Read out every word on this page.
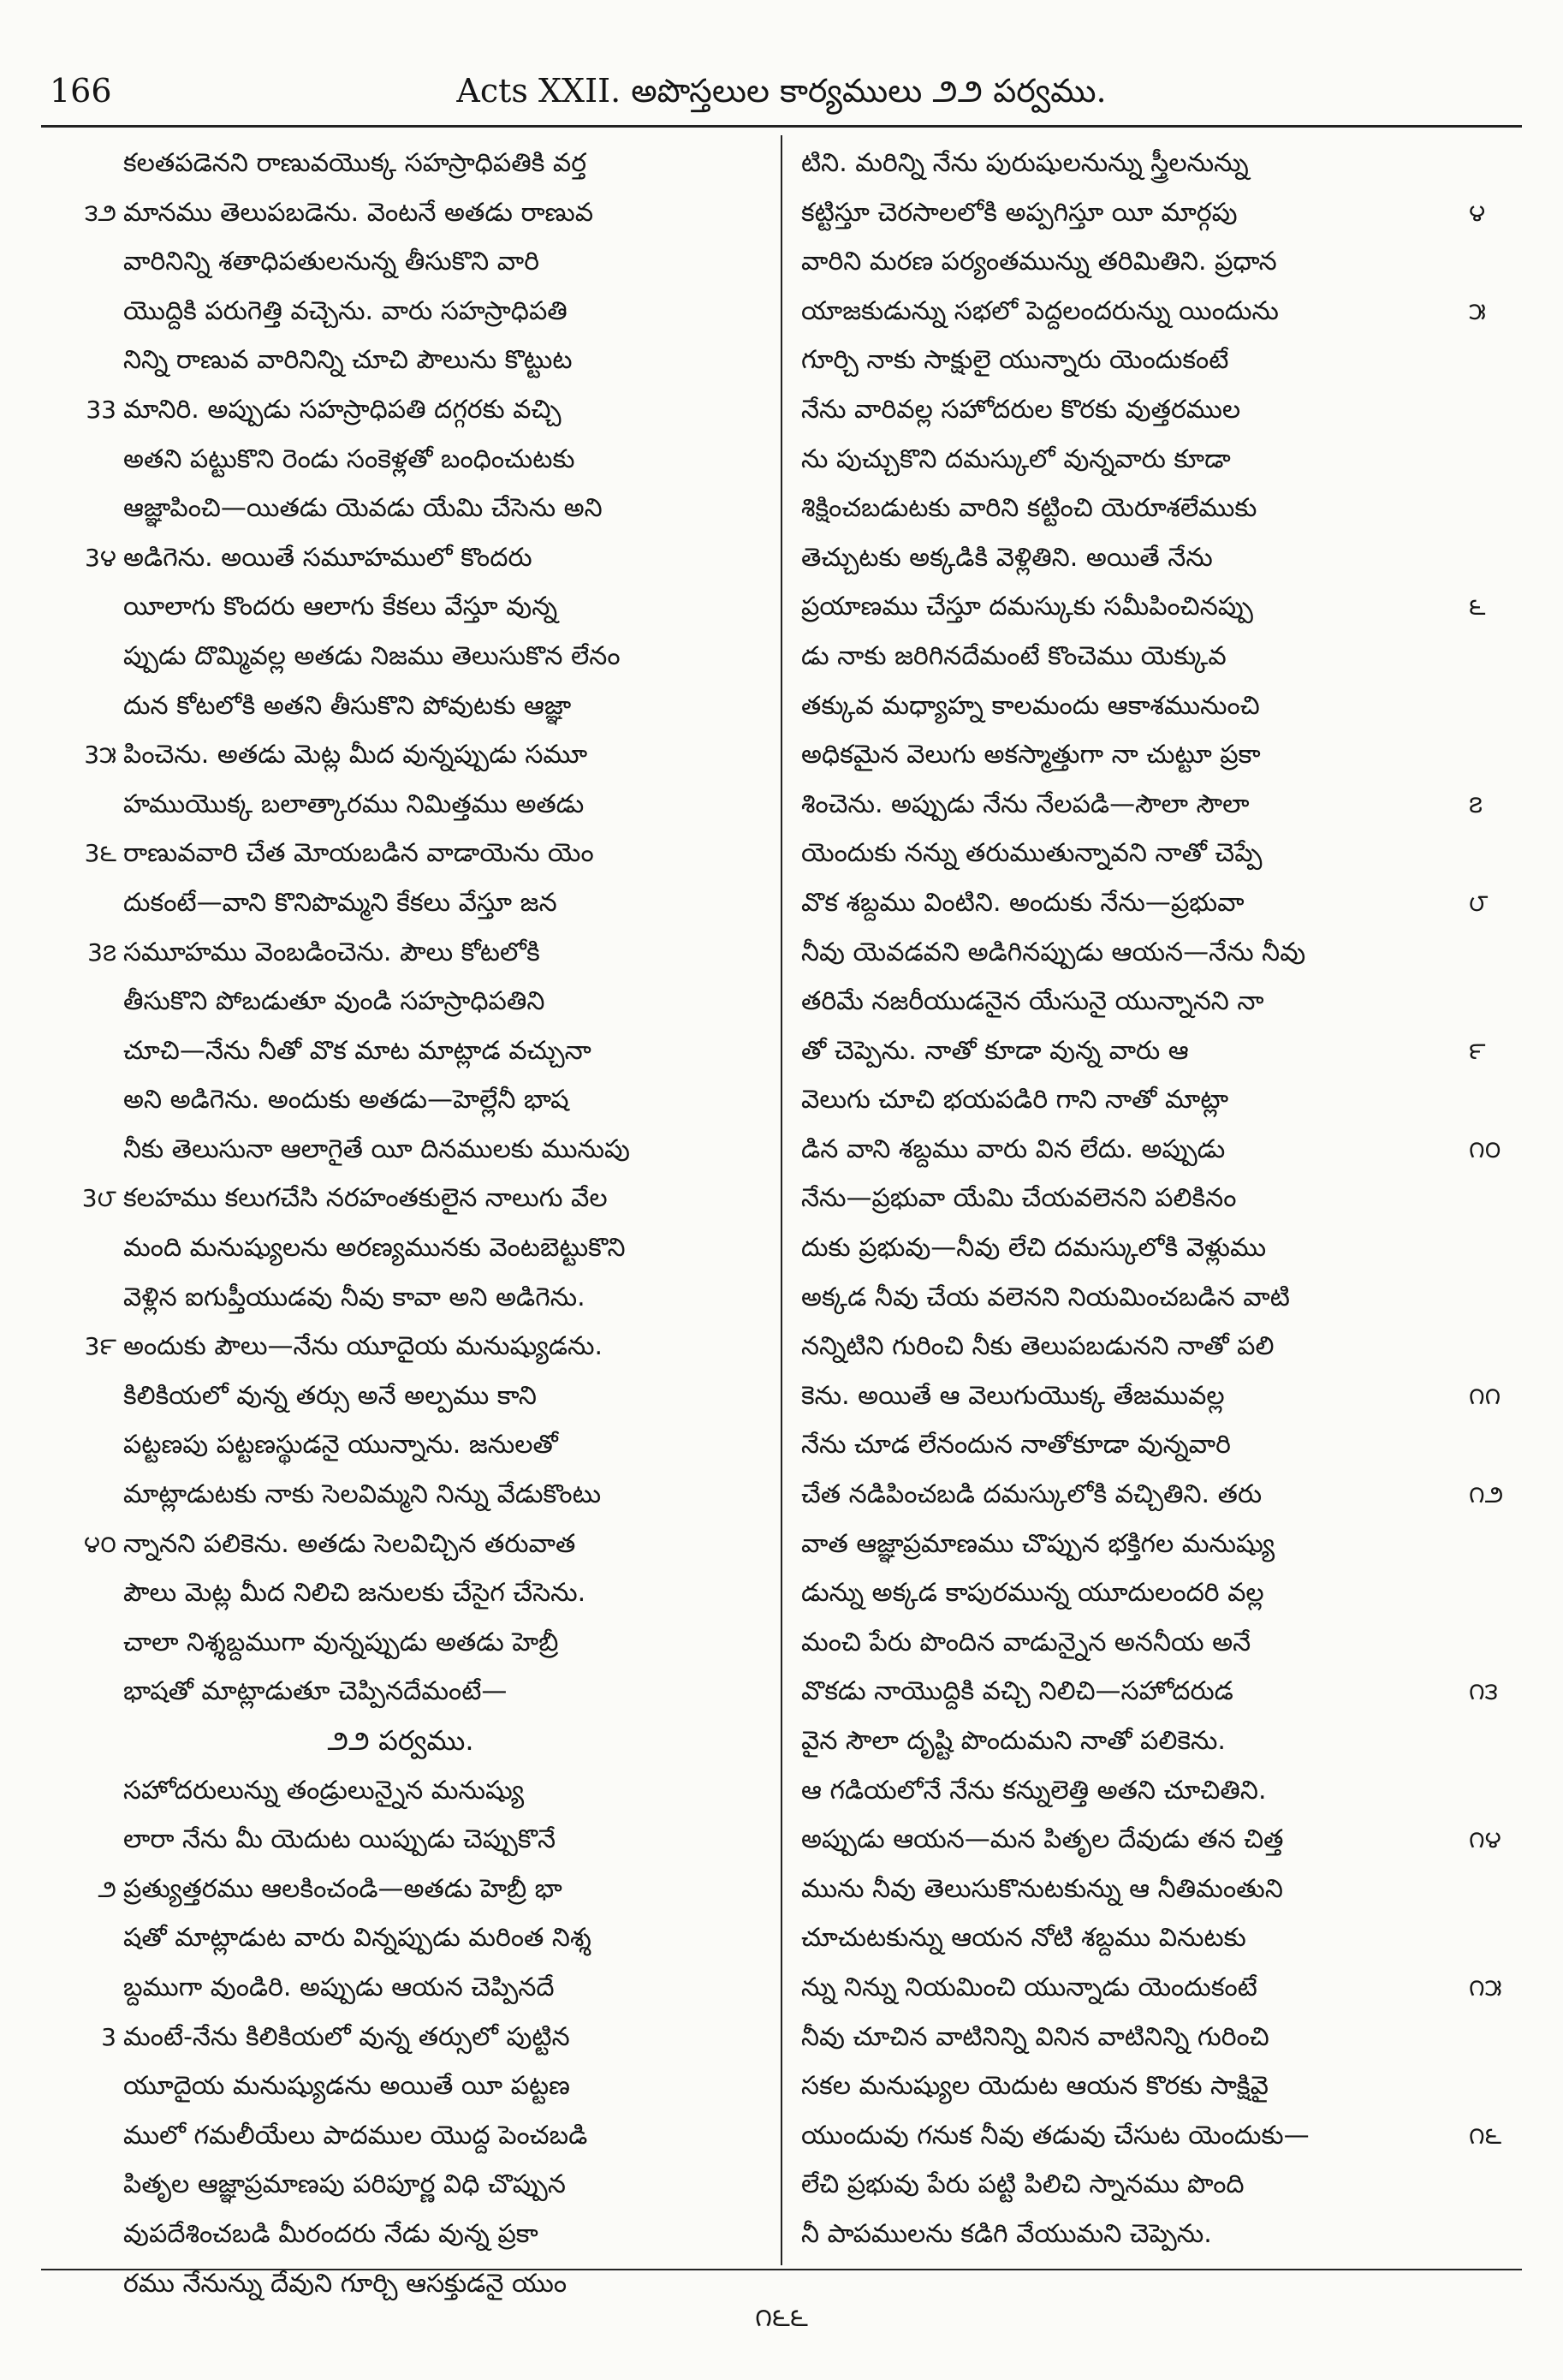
166	Acts XXII. అపొస్తలుల కార్యములు ౨౨ పర్వము.
కలతపడెనని రాణువయొక్క సహస్రాధిపతికి వర్త
౩౨ మానము తెలుపబడెను. వెంటనే అతడు రాణువ
వారినిన్ని శతాధిపతులనున్న తీసుకొని వారి
యొద్దికి పరుగెత్తి వచ్చెను. వారు సహస్రాధిపతి
నిన్ని రాణువ వారినిన్ని చూచి పౌలును కొట్టుట
33 మానిరి. అప్పుడు సహస్రాధిపతి దగ్గరకు వచ్చి
అతని పట్టుకొని రెండు సంకెళ్లతో బంధించుటకు
ఆజ్ఞాపించి—యితడు యెవడు యేమి చేసెను అని
3౪ అడిగెను. అయితే సమూహములో కొందరు
యీలాగు కొందరు ఆలాగు కేకలు వేస్తూ వున్న
ప్పుడు దొమ్మివల్ల అతడు నిజము తెలుసుకొన లేనం
దున కోటలోకి అతని తీసుకొని పోవుటకు ఆజ్ఞా
3౫ పించెను. అతడు మెట్ల మీద వున్నప్పుడు సమూ
హముయొక్క బలాత్కారము నిమిత్తము అతడు
3౬ రాణువవారి చేత మోయబడిన వాడాయెను యెం
దుకంటే—వాని కొనిపొమ్మని కేకలు వేస్తూ జన
3౭ సమూహము వెంబడించెను. పౌలు కోటలోకి
తీసుకొని పోబడుతూ వుండి సహస్రాధిపతిని
చూచి—నేను నీతో వొక మాట మాట్లాడ వచ్చునా
అని అడిగెను. అందుకు అతడు—హెల్లేనీ భాష
నీకు తెలుసునా ఆలాగైతే యీ దినములకు మునుపు
3౮ కలహము కలుగచేసి నరహంతకులైన నాలుగు వేల
మంది మనుష్యులను అరణ్యమునకు వెంటబెట్టుకొని
వెళ్లిన ఐగుప్తీయుడవు నీవు కావా అని అడిగెను.
3౯ అందుకు పౌలు—నేను యూదైయ మనుష్యుడను.
కిలికియలో వున్న తర్సు అనే అల్పము కాని
పట్టణపు పట్టణస్థుడనై యున్నాను. జనులతో
మాట్లాడుటకు నాకు సెలవిమ్మని నిన్ను వేడుకొంటు
౪౦ న్నానని పలికెను. అతడు సెలవిచ్చిన తరువాత
పౌలు మెట్ల మీద నిలిచి జనులకు చేసైగ చేసెను.
చాలా నిశ్శబ్దముగా వున్నప్పుడు అతడు హెబ్రీ
భాషతో మాట్లాడుతూ చెప్పినదేమంటే—
౨౨ పర్వము.
సహోదరులున్ను తండ్రులున్నైన మనుష్యు
లారా నేను మీ యెదుట యిప్పుడు చెప్పుకొనే
౨ ప్రత్యుత్తరము ఆలకించండి—అతడు హెబ్రీ భా
షతో మాట్లాడుట వారు విన్నప్పుడు మరింత నిశ్శ
బ్దముగా వుండిరి. అప్పుడు ఆయన చెప్పినదే
3 మంటే-నేను కిలికియలో వున్న తర్సులో పుట్టిన
యూదైయ మనుష్యుడను అయితే యీ పట్టణ
ములో గమలీయేలు పాదముల యొద్ద పెంచబడి
పితృల ఆజ్ఞాప్రమాణపు పరిపూర్ణ విధి చొప్పున
వుపదేశించబడి మీరందరు నేడు వున్న ప్రకా
రము నేనున్ను దేవుని గూర్చి ఆసక్తుడనై యుం
టిని. మరిన్ని నేను పురుషులనున్ను స్త్రీలనున్ను
౪
కట్టిస్తూ చెరసాలలోకి అప్పగిస్తూ యీ మార్గపు
వారిని మరణ పర్యంతమున్ను తరిమితిని. ప్రధాన
౫
యాజకుడున్ను సభలో పెద్దలందరున్ను యిందును
గూర్చి నాకు సాక్షులై యున్నారు యెందుకంటే
నేను వారివల్ల సహోదరుల కొరకు వుత్తరముల
ను పుచ్చుకొని దమస్కులో వున్నవారు కూడా
శిక్షించబడుటకు వారిని కట్టించి యెరూశలేముకు
తెచ్చుటకు అక్కడికి వెళ్లితిని. అయితే నేను
౬
ప్రయాణము చేస్తూ దమస్కుకు సమీపించినప్పు
డు నాకు జరిగినదేమంటే కొంచెము యెక్కువ
తక్కువ మధ్యాహ్న కాలమందు ఆకాశమునుంచి
అధికమైన వెలుగు అకస్మాత్తుగా నా చుట్టూ ప్రకా
౭
శించెను. అప్పుడు నేను నేలపడి—సౌలా సౌలా
యెందుకు నన్ను తరుముతున్నావని నాతో చెప్పే
౮
వొక శబ్దము వింటిని. అందుకు నేను—ప్రభువా
నీవు యెవడవని అడిగినప్పుడు ఆయన—నేను నీవు
తరిమే నజరీయుడనైన యేసునై యున్నానని నా
౯
తో చెప్పెను. నాతో కూడా వున్న వారు ఆ
వెలుగు చూచి భయపడిరి గాని నాతో మాట్లా
౧౦
డిన వాని శబ్దము వారు విన లేదు. అప్పుడు
నేను—ప్రభువా యేమి చేయవలెనని పలికినం
దుకు ప్రభువు—నీవు లేచి దమస్కులోకి వెళ్లుము
అక్కడ నీవు చేయ వలెనని నియమించబడిన వాటి
నన్నిటిని గురించి నీకు తెలుపబడునని నాతో పలి
౧౧
కెను. అయితే ఆ వెలుగుయొక్క తేజమువల్ల
నేను చూడ లేనందున నాతోకూడా వున్నవారి
౧౨
చేత నడిపించబడి దమస్కులోకి వచ్చితిని. తరు
వాత ఆజ్ఞాప్రమాణము చొప్పున భక్తిగల మనుష్యు
డున్ను అక్కడ కాపురమున్న యూదులందరి వల్ల
మంచి పేరు పొందిన వాడున్నైన అననీయ అనే
౧౩
వొకడు నాయొద్దికి వచ్చి నిలిచి—సహోదరుడ
వైన సౌలా దృష్టి పొందుమని నాతో పలికెను.
ఆ గడియలోనే నేను కన్నులెత్తి అతని చూచితిని.
౧౪
అప్పుడు ఆయన—మన పితృల దేవుడు తన చిత్త
మును నీవు తెలుసుకొనుటకున్ను ఆ నీతిమంతుని
చూచుటకున్ను ఆయన నోటి శబ్దము వినుటకు
౧౫
న్ను నిన్ను నియమించి యున్నాడు యెందుకంటే
నీవు చూచిన వాటినిన్ని వినిన వాటినిన్ని గురించి
సకల మనుష్యుల యెదుట ఆయన కొరకు సాక్షివై
౧౬
యుందువు గనుక నీవు తడువు చేసుట యెందుకు—
లేచి ప్రభువు పేరు పట్టి పిలిచి స్నానము పొంది
నీ పాపములను కడిగి వేయుమని చెప్పెను.
౧౬౬
